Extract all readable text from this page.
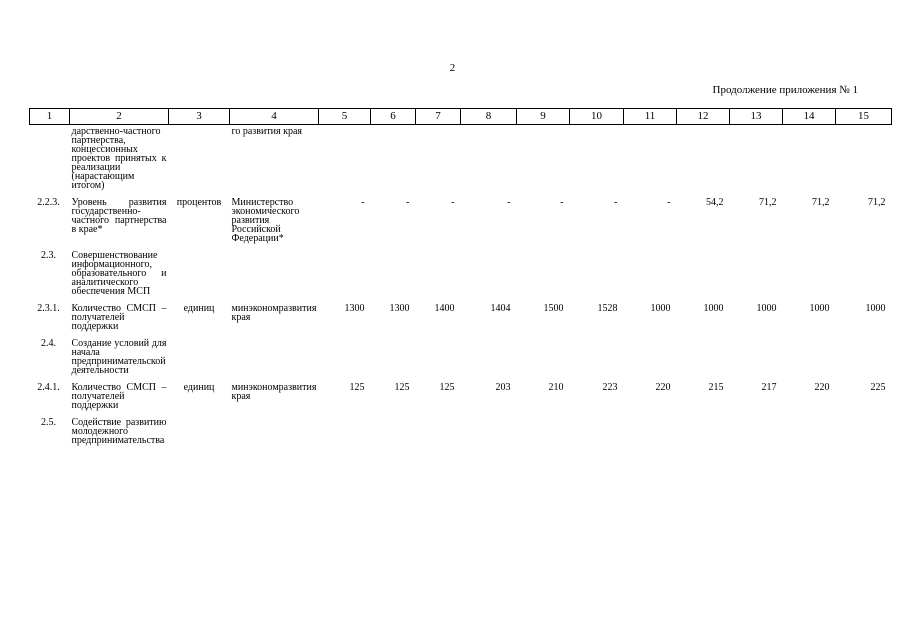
2
Продолжение приложения № 1
1	2	3	4	5	6	7	8	9	10	11	12	13	14	15
	дарственно-частного партнерства, концессионных проектов принятых к реализации (нарастающим итогом)		го развития края											
2.2.3.	Уровень развития государственно-частного партнерства в крае*	процентов	Министерство экономического развития Российской Федерации*	-	-	-	-	-	-	-	54,2	71,2	71,2	71,2
2.3.	Совершенствование информационного, образовательного и аналитического обеспечения МСП													
2.3.1.	Количество СМСП – получателей поддержки	единиц	минэкономразвития края	1300	1300	1400	1404	1500	1528	1000	1000	1000	1000	1000
2.4.	Создание условий для начала предпринимательской деятельности													
2.4.1.	Количество СМСП – получателей поддержки	единиц	минэкономразвития края	125	125	125	203	210	223	220	215	217	220	225
2.5.	Содействие развитию молодежного предпринимательства													
